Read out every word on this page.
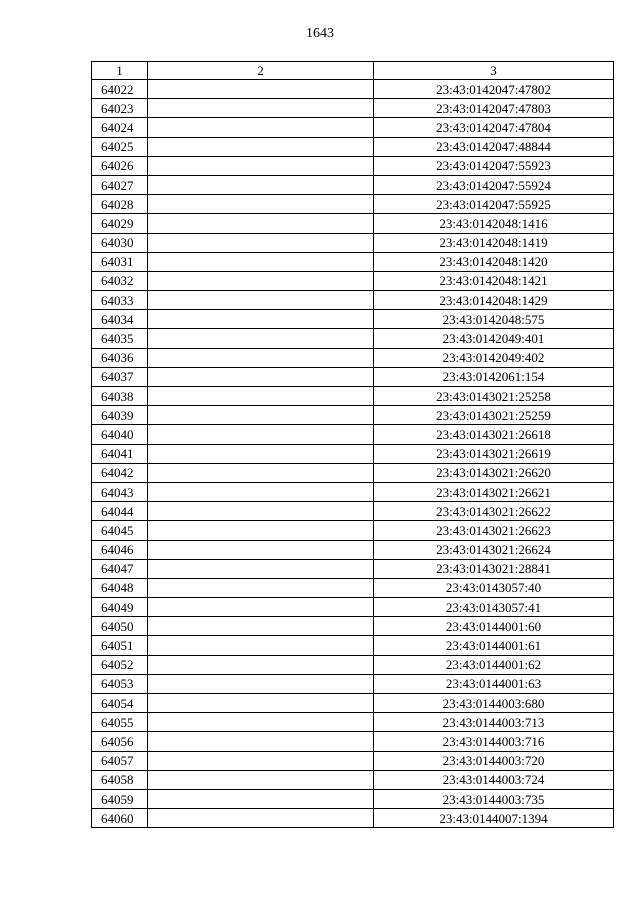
1643
1	2	3
64022		23:43:0142047:47802
64023		23:43:0142047:47803
64024		23:43:0142047:47804
64025		23:43:0142047:48844
64026		23:43:0142047:55923
64027		23:43:0142047:55924
64028		23:43:0142047:55925
64029		23:43:0142048:1416
64030		23:43:0142048:1419
64031		23:43:0142048:1420
64032		23:43:0142048:1421
64033		23:43:0142048:1429
64034		23:43:0142048:575
64035		23:43:0142049:401
64036		23:43:0142049:402
64037		23:43:0142061:154
64038		23:43:0143021:25258
64039		23:43:0143021:25259
64040		23:43:0143021:26618
64041		23:43:0143021:26619
64042		23:43:0143021:26620
64043		23:43:0143021:26621
64044		23:43:0143021:26622
64045		23:43:0143021:26623
64046		23:43:0143021:26624
64047		23:43:0143021:28841
64048		23:43:0143057:40
64049		23:43:0143057:41
64050		23:43:0144001:60
64051		23:43:0144001:61
64052		23:43:0144001:62
64053		23:43:0144001:63
64054		23:43:0144003:680
64055		23:43:0144003:713
64056		23:43:0144003:716
64057		23:43:0144003:720
64058		23:43:0144003:724
64059		23:43:0144003:735
64060		23:43:0144007:1394
